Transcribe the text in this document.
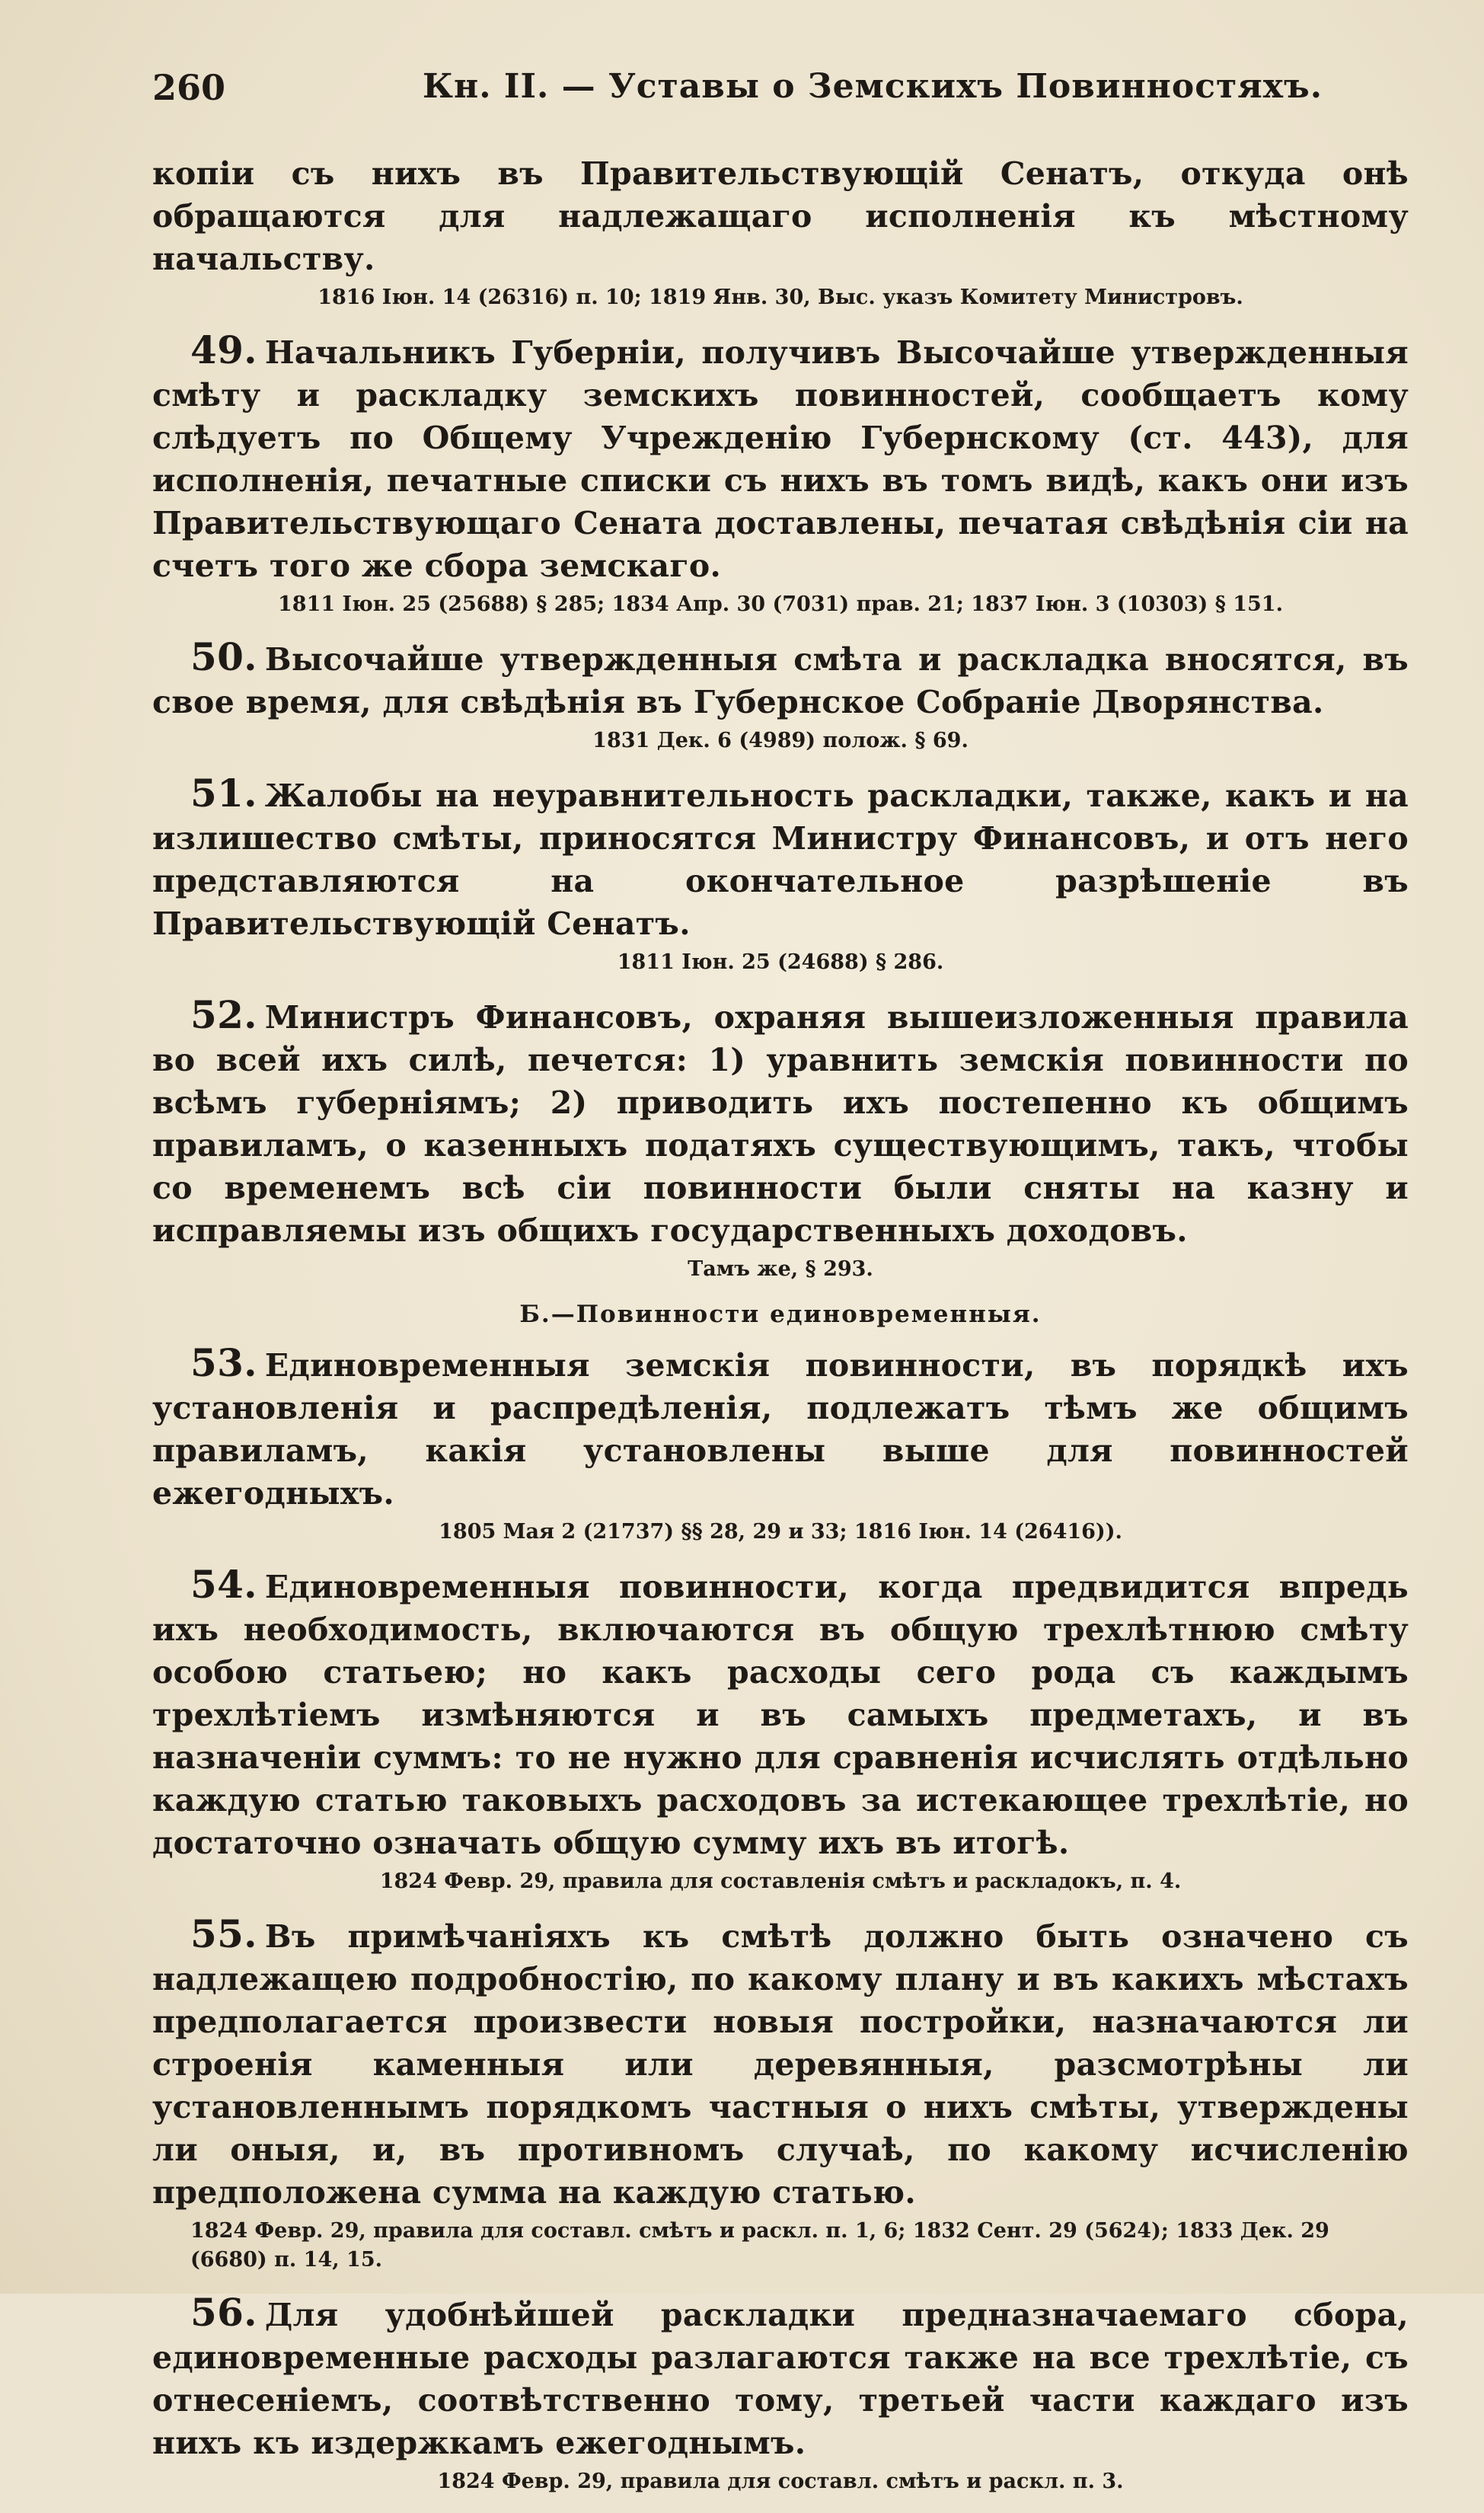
260	Кн. II. — Уставы о Земскихъ Повинностяхъ.

копіи съ нихъ въ Правительствующій Сенатъ, откуда онѣ обращаются для надлежащаго исполненія къ мѣстному начальству.

1816 Іюн. 14 (26316) п. 10; 1819 Янв. 30, Выс. указъ Комитету Министровъ.

49. Начальникъ Губерніи, получивъ Высочайше утвержденныя смѣту и раскладку земскихъ повинностей, сообщаетъ кому слѣдуетъ по Общему Учрежденію Губернскому (ст. 443), для исполненія, печатные списки съ нихъ въ томъ видѣ, какъ они изъ Правительствующаго Сената доставлены, печатая свѣдѣнія сіи на счетъ того же сбора земскаго.

1811 Іюн. 25 (25688) § 285; 1834 Апр. 30 (7031) прав. 21; 1837 Іюн. 3 (10303) § 151.

50. Высочайше утвержденныя смѣта и раскладка вносятся, въ свое время, для свѣдѣнія въ Губернское Собраніе Дворянства.

1831 Дек. 6 (4989) полож. § 69.

51. Жалобы на неуравнительность раскладки, также, какъ и на излишество смѣты, приносятся Министру Финансовъ, и отъ него представляются на окончательное разрѣшеніе въ Правительствующій Сенатъ.

1811 Іюн. 25 (24688) § 286.

52. Министръ Финансовъ, охраняя вышеизложенныя правила во всей ихъ силѣ, печется: 1) уравнить земскія повинности по всѣмъ губерніямъ; 2) приводить ихъ постепенно къ общимъ правиламъ, о казенныхъ податяхъ существующимъ, такъ, чтобы со временемъ всѣ сіи повинности были сняты на казну и исправляемы изъ общихъ государственныхъ доходовъ.

Тамъ же, § 293.

Б.—Повинности единовременныя.

53. Единовременныя земскія повинности, въ порядкѣ ихъ установленія и распредѣленія, подлежатъ тѣмъ же общимъ правиламъ, какія установлены выше для повинностей ежегодныхъ.

1805 Мая 2 (21737) §§ 28, 29 и 33; 1816 Іюн. 14 (26416)).

54. Единовременныя повинности, когда предвидится впредь ихъ необходимость, включаются въ общую трехлѣтнюю смѣту особою статьею; но какъ расходы сего рода съ каждымъ трехлѣтіемъ измѣняются и въ самыхъ предметахъ, и въ назначеніи суммъ: то не нужно для сравненія исчислять отдѣльно каждую статью таковыхъ расходовъ за истекающее трехлѣтіе, но достаточно означать общую сумму ихъ въ итогѣ.

1824 Февр. 29, правила для составленія смѣтъ и раскладокъ, п. 4.

55. Въ примѣчаніяхъ къ смѣтѣ должно быть означено съ надлежащею подробностію, по какому плану и въ какихъ мѣстахъ предполагается произвести новыя постройки, назначаются ли строенія каменныя или деревянныя, разсмотрѣны ли установленнымъ порядкомъ частныя о нихъ смѣты, утверждены ли оныя, и, въ противномъ случаѣ, по какому исчисленію предположена сумма на каждую статью.

1824 Февр. 29, правила для составл. смѣтъ и раскл. п. 1, 6; 1832 Сент. 29 (5624); 1833 Дек. 29 (6680) п. 14, 15.

56. Для удобнѣйшей раскладки предназначаемаго сбора, единовременные расходы разлагаются также на все трехлѣтіе, съ отнесеніемъ, соотвѣтственно тому, третьей части каждаго изъ нихъ къ издержкамъ ежегоднымъ.

1824 Февр. 29, правила для составл. смѣтъ и раскл. п. 3.
